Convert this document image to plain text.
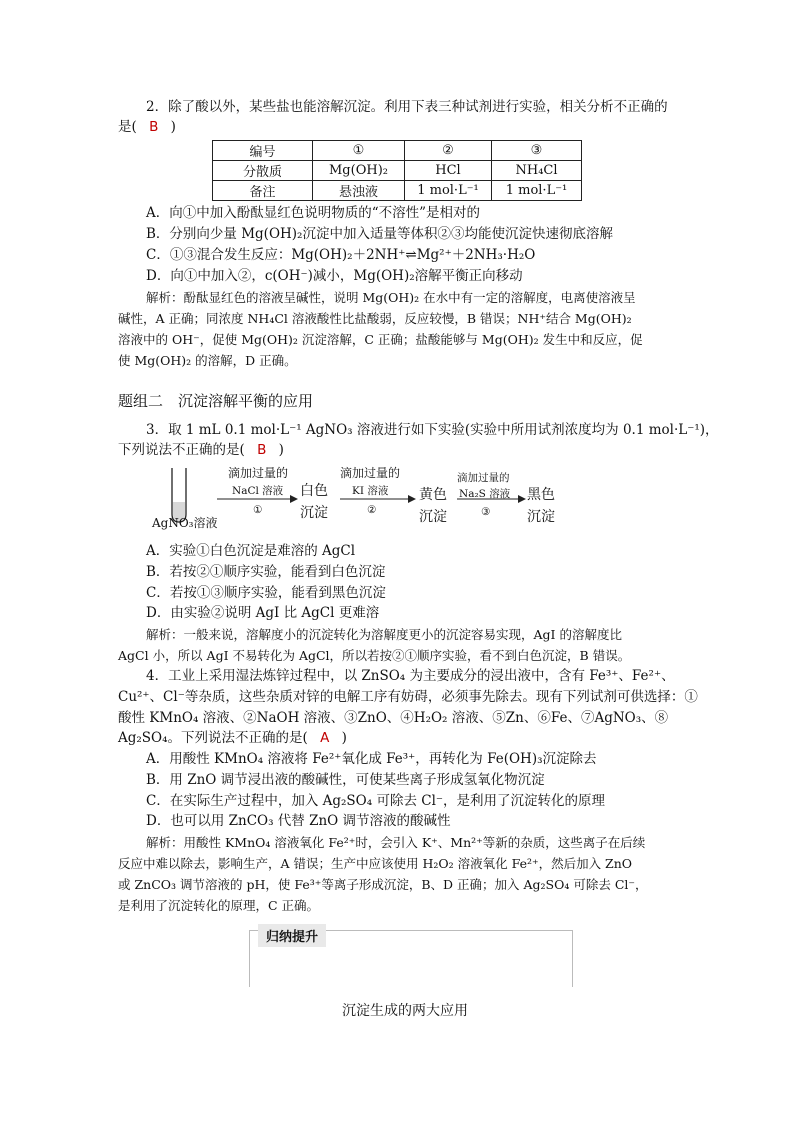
2．除了酸以外，某些盐也能溶解沉淀。利用下表三种试剂进行实验，相关分析不正确的
是( B )
编号	①	②	③
分散质	Mg(OH)₂	HCl	NH₄Cl
备注	悬浊液	1 mol·L⁻¹	1 mol·L⁻¹
A．向①中加入酚酞显红色说明物质的“不溶性”是相对的
B．分别向少量 Mg(OH)₂沉淀中加入适量等体积②③均能使沉淀快速彻底溶解
C．①③混合发生反应：Mg(OH)₂＋2NH⁺⇌Mg²⁺＋2NH₃·H₂O
D．向①中加入②，c(OH⁻)减小，Mg(OH)₂溶解平衡正向移动
解析：酚酞显红色的溶液呈碱性，说明 Mg(OH)₂ 在水中有一定的溶解度，电离使溶液呈
碱性，A 正确；同浓度 NH₄Cl 溶液酸性比盐酸弱，反应较慢，B 错误；NH⁺结合 Mg(OH)₂
溶液中的 OH⁻，促使 Mg(OH)₂ 沉淀溶解，C 正确；盐酸能够与 Mg(OH)₂ 发生中和反应，促
使 Mg(OH)₂ 的溶解，D 正确。
题组二　沉淀溶解平衡的应用
3．取 1 mL 0.1 mol·L⁻¹ AgNO₃ 溶液进行如下实验(实验中所用试剂浓度均为 0.1 mol·L⁻¹)，
下列说法不正确的是( B )
AgNO₃溶液
滴加过量的
NaCl 溶液
①
白色
沉淀
滴加过量的
KI 溶液
②
黄色
沉淀
滴加过量的
Na₂S 溶液
③
黑色
沉淀
A．实验①白色沉淀是难溶的 AgCl
B．若按②①顺序实验，能看到白色沉淀
C．若按①③顺序实验，能看到黑色沉淀
D．由实验②说明 AgI 比 AgCl 更难溶
解析：一般来说，溶解度小的沉淀转化为溶解度更小的沉淀容易实现，AgI 的溶解度比
AgCl 小，所以 AgI 不易转化为 AgCl，所以若按②①顺序实验，看不到白色沉淀，B 错误。
4．工业上采用湿法炼锌过程中，以 ZnSO₄ 为主要成分的浸出液中，含有 Fe³⁺、Fe²⁺、
Cu²⁺、Cl⁻等杂质，这些杂质对锌的电解工序有妨碍，必须事先除去。现有下列试剂可供选择：①
酸性 KMnO₄ 溶液、②NaOH 溶液、③ZnO、④H₂O₂ 溶液、⑤Zn、⑥Fe、⑦AgNO₃、⑧
Ag₂SO₄。下列说法不正确的是( A )
A．用酸性 KMnO₄ 溶液将 Fe²⁺氧化成 Fe³⁺，再转化为 Fe(OH)₃沉淀除去
B．用 ZnO 调节浸出液的酸碱性，可使某些离子形成氢氧化物沉淀
C．在实际生产过程中，加入 Ag₂SO₄ 可除去 Cl⁻，是利用了沉淀转化的原理
D．也可以用 ZnCO₃ 代替 ZnO 调节溶液的酸碱性
解析：用酸性 KMnO₄ 溶液氧化 Fe²⁺时，会引入 K⁺、Mn²⁺等新的杂质，这些离子在后续
反应中难以除去，影响生产，A 错误；生产中应该使用 H₂O₂ 溶液氧化 Fe²⁺，然后加入 ZnO
或 ZnCO₃ 调节溶液的 pH，使 Fe³⁺等离子形成沉淀，B、D 正确；加入 Ag₂SO₄ 可除去 Cl⁻，
是利用了沉淀转化的原理，C 正确。
归纳提升
沉淀生成的两大应用
